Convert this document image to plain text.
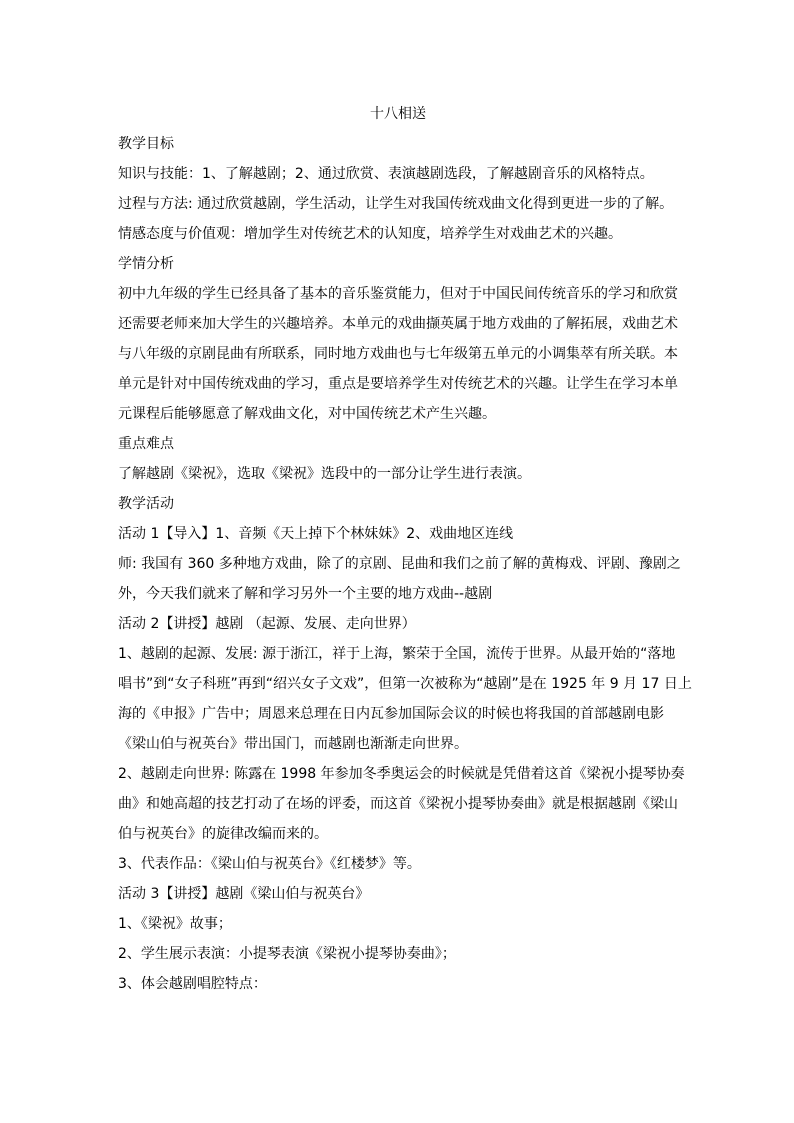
十八相送
教学目标
知识与技能：1、了解越剧；2、通过欣赏、表演越剧选段，了解越剧音乐的风格特点。
过程与方法: 通过欣赏越剧，学生活动，让学生对我国传统戏曲文化得到更进一步的了解。
情感态度与价值观：增加学生对传统艺术的认知度，培养学生对戏曲艺术的兴趣。
学情分析
初中九年级的学生已经具备了基本的音乐鉴赏能力，但对于中国民间传统音乐的学习和欣赏
还需要老师来加大学生的兴趣培养。本单元的戏曲撷英属于地方戏曲的了解拓展，戏曲艺术
与八年级的京剧昆曲有所联系，同时地方戏曲也与七年级第五单元的小调集萃有所关联。本
单元是针对中国传统戏曲的学习，重点是要培养学生对传统艺术的兴趣。让学生在学习本单
元课程后能够愿意了解戏曲文化，对中国传统艺术产生兴趣。
重点难点
了解越剧《梁祝》，选取《梁祝》选段中的一部分让学生进行表演。
教学活动
活动 1【导入】1、音频《天上掉下个林妹妹》2、戏曲地区连线
师: 我国有 360 多种地方戏曲，除了的京剧、昆曲和我们之前了解的黄梅戏、评剧、豫剧之
外，今天我们就来了解和学习另外一个主要的地方戏曲--越剧
活动 2【讲授】越剧 （起源、发展、走向世界）
1、越剧的起源、发展: 源于浙江，祥于上海，繁荣于全国，流传于世界。从最开始的“落地
唱书”到“女子科班”再到“绍兴女子文戏”，但第一次被称为“越剧”是在 1925 年 9 月 17 日上
海的《申报》广告中；周恩来总理在日内瓦参加国际会议的时候也将我国的首部越剧电影
《梁山伯与祝英台》带出国门，而越剧也渐渐走向世界。
2、越剧走向世界: 陈露在 1998 年参加冬季奥运会的时候就是凭借着这首《梁祝小提琴协奏
曲》和她高超的技艺打动了在场的评委，而这首《梁祝小提琴协奏曲》就是根据越剧《梁山
伯与祝英台》的旋律改编而来的。
3、代表作品：《梁山伯与祝英台》《红楼梦》等。
活动 3【讲授】越剧《梁山伯与祝英台》
1、《梁祝》故事；
2、学生展示表演：小提琴表演《梁祝小提琴协奏曲》；
3、体会越剧唱腔特点：
